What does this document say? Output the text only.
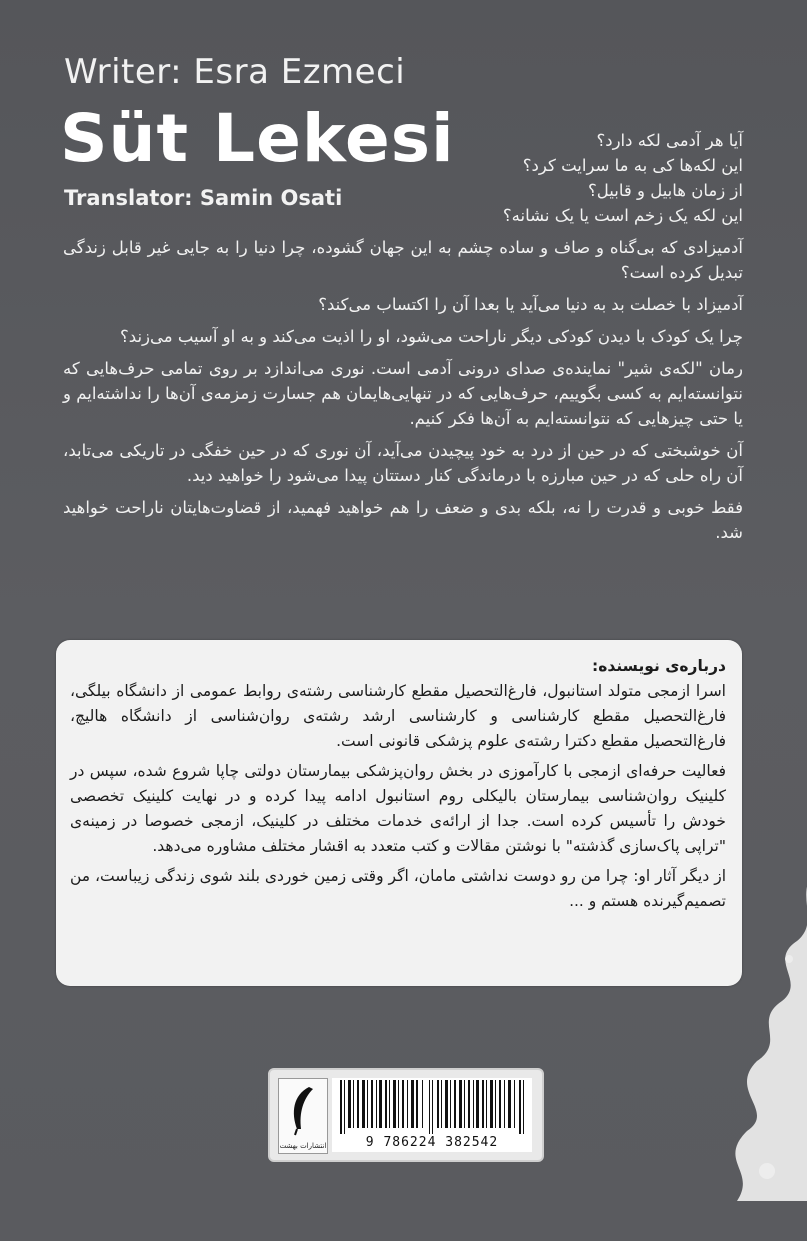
Writer: Esra Ezmeci
Süt Lekesi
Translator: Samin Osati

آیا هر آدمی لکه دارد؟

این لکه‌ها کی به ما سرایت کرد؟

از زمان هابیل و قابیل؟

این لکه یک زخم است یا یک نشانه؟

آدمیزادی که بی‌گناه و صاف و ساده چشم به این جهان گشوده، چرا دنیا را به جایی غیر قابل زندگی تبدیل کرده است؟

آدمیزاد با خصلت بد به دنیا می‌آید یا بعدا آن را اکتساب می‌کند؟

چرا یک کودک با دیدن کودکی دیگر ناراحت می‌شود، او را اذیت می‌کند و به او آسیب می‌زند؟

رمان "لکه‌ی شیر" نماینده‌ی صدای درونی آدمی است. نوری می‌اندازد بر روی تمامی حرف‌هایی که نتوانسته‌ایم به کسی بگوییم، حرف‌هایی که در تنهایی‌هایمان هم جسارت زمزمه‌ی آن‌ها را نداشته‌ایم و یا حتی چیزهایی که نتوانسته‌ایم به آن‌ها فکر کنیم.

آن خوشبختی که در حین از درد به خود پیچیدن می‌آید، آن نوری که در حین خفگی در تاریکی می‌تابد، آن راه حلی که در حین مبارزه با درماندگی کنار دستتان پیدا می‌شود را خواهید دید.

فقط خوبی و قدرت را نه، بلکه بدی و ضعف را هم خواهید فهمید، از قضاوت‌هایتان ناراحت خواهید شد.

درباره‌ی نویسنده:

اسرا ازمجی متولد استانبول، فارغ‌التحصیل مقطع کارشناسی رشته‌ی روابط عمومی از دانشگاه بیلگی، فارغ‌التحصیل مقطع کارشناسی و کارشناسی ارشد رشته‌ی روان‌شناسی از دانشگاه هالیچ، فارغ‌التحصیل مقطع دکترا رشته‌ی علوم پزشکی قانونی است.

فعالیت حرفه‌ای ازمجی با کارآموزی در بخش روان‌پزشکی بیمارستان دولتی چاپا شروع شده، سپس در کلینیک روان‌شناسی بیمارستان بالیکلی روم استانبول ادامه پیدا کرده و در نهایت کلینیک تخصصی خودش را تأسیس کرده است. جدا از ارائه‌ی خدمات مختلف در کلینیک، ازمجی خصوصا در زمینه‌ی "تراپی پاک‌سازی گذشته" با نوشتن مقالات و کتب متعدد به اقشار مختلف مشاوره می‌دهد.

از دیگر آثار او: چرا من رو دوست نداشتی مامان، اگر وقتی زمین خوردی بلند شوی زندگی زیباست، من تصمیم‌گیرنده هستم و ...

انتشارات بهشت	9 786224 382542
